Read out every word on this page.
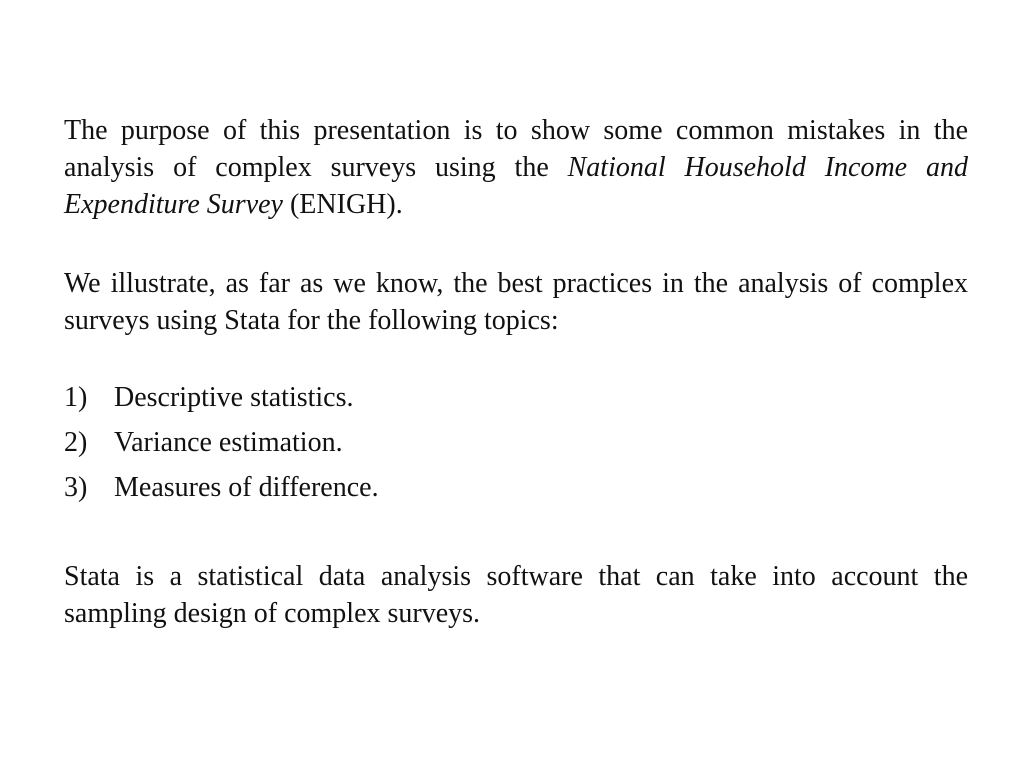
The purpose of this presentation is to show some common mistakes in the analysis of complex surveys using the National Household Income and Expenditure Survey (ENIGH).

We illustrate, as far as we know, the best practices in the analysis of complex surveys using Stata for the following topics:

1) Descriptive statistics.
2) Variance estimation.
3) Measures of difference.

Stata is a statistical data analysis software that can take into account the sampling design of complex surveys.
